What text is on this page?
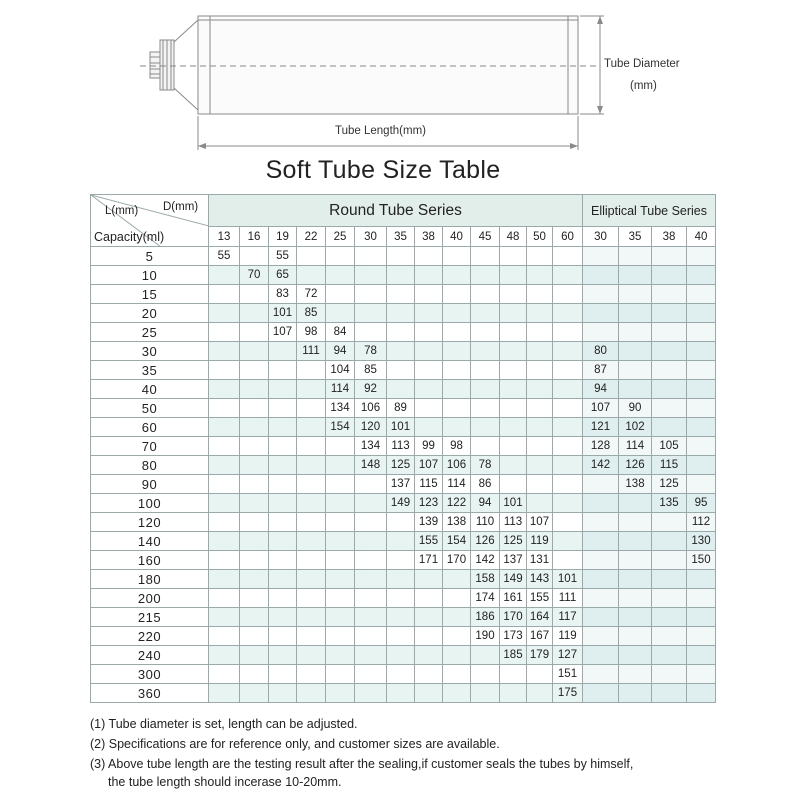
Tube Diameter
(mm)
Tube Length(mm)
Soft Tube Size Table
L(mm) D(mm)
Capacity(ml)	Round Tube Series													Elliptical Tube Series			
	13	16	19	22	25	30	35	38	40	45	48	50	60	30	35	38	40
5	55		55														
10		70	65														
15			83	72													
20			101	85													
25			107	98	84												
30				111	94	78								80			
35					104	85								87			
40					114	92								94			
50					134	106	89							107	90		
60					154	120	101							121	102		
70						134	113	99	98					128	114	105	
80						148	125	107	106	78				142	126	115	
90							137	115	114	86					138	125	
100							149	123	122	94	101					135	95
120								139	138	110	113	107					112
140								155	154	126	125	119					130
160								171	170	142	137	131					150
180										158	149	143	101				
200										174	161	155	111				
215										186	170	164	117				
220										190	173	167	119				
240											185	179	127				
300													151				
360													175				
(1) Tube diameter is set, length can be adjusted.
(2) Specifications are for reference only, and customer sizes are available.
(3) Above tube length are the testing result after the sealing,if customer seals the tubes by himself,
the tube length should incerase 10-20mm.
